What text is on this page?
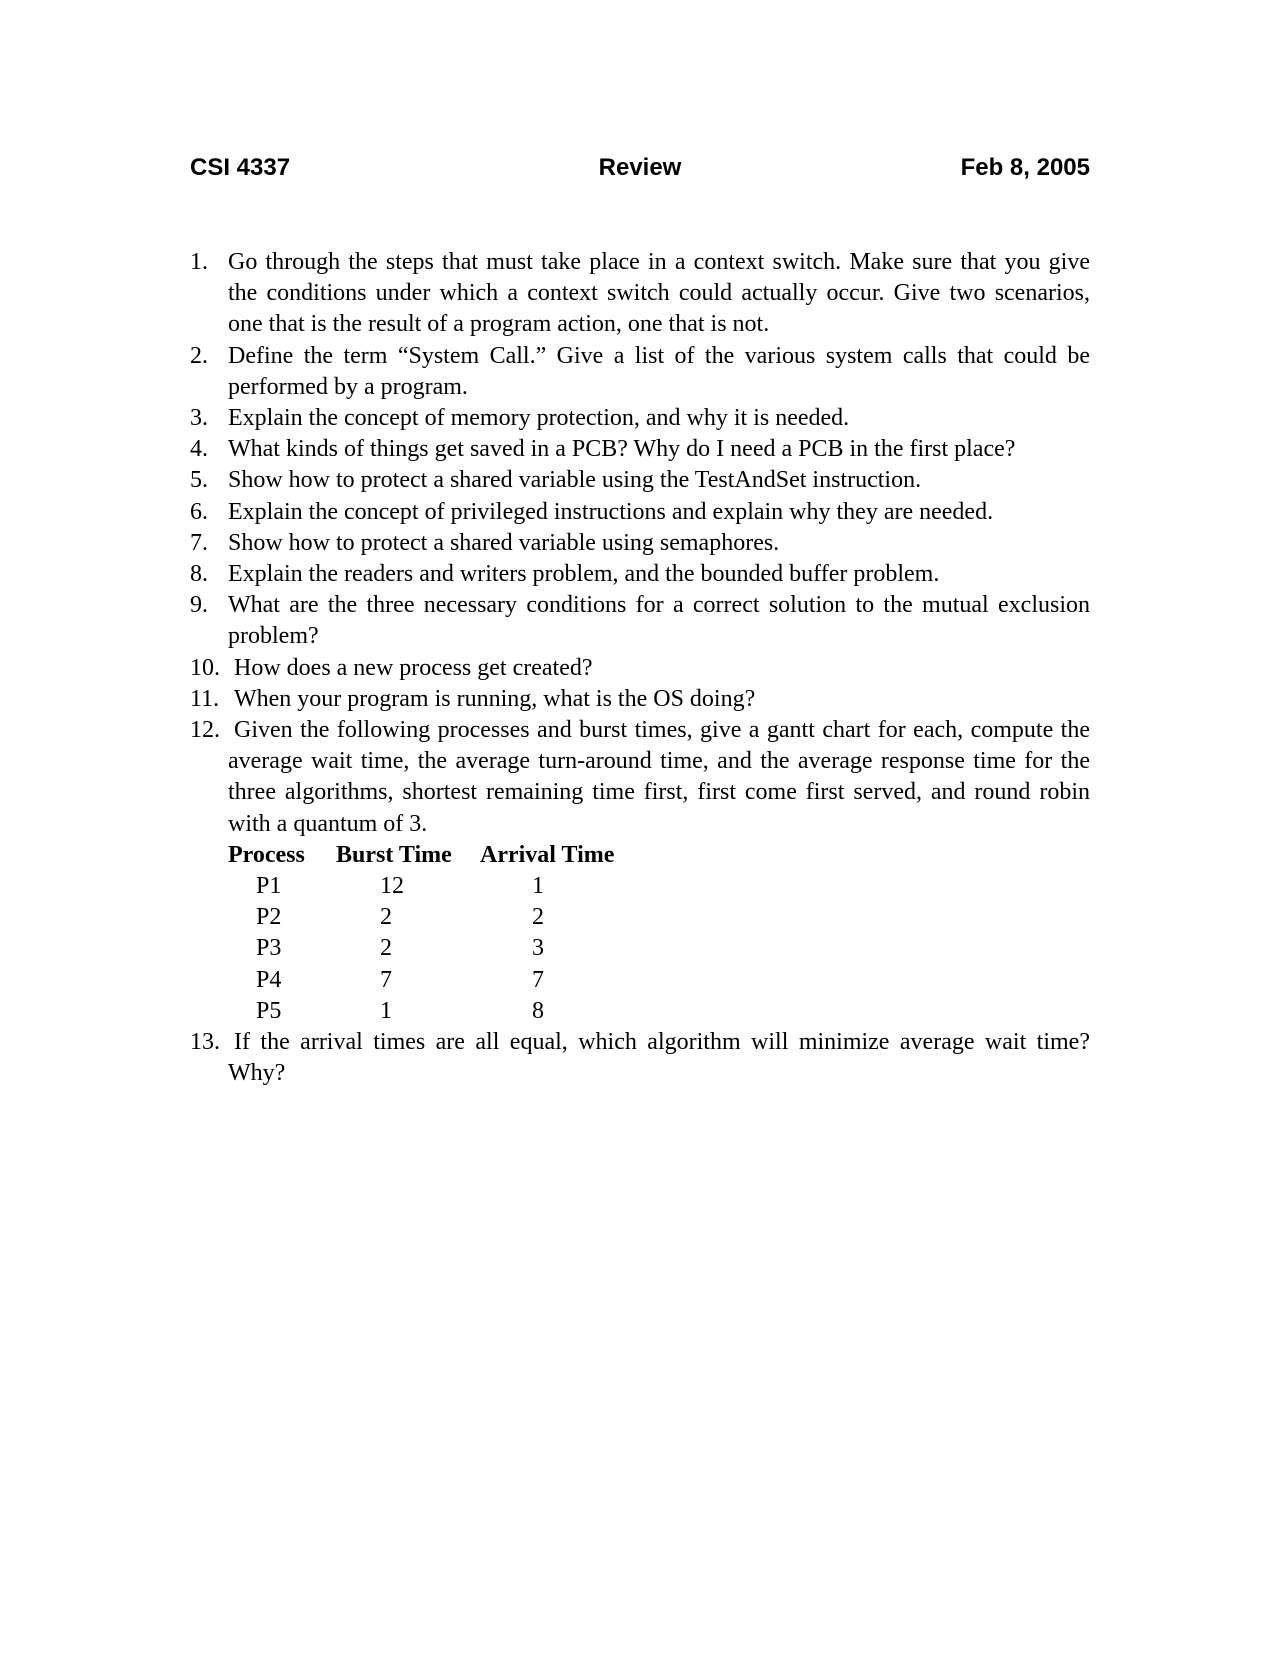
CSI 4337	Review	Feb 8, 2005
1. Go through the steps that must take place in a context switch. Make sure that you give the conditions under which a context switch could actually occur. Give two scenarios, one that is the result of a program action, one that is not.
2. Define the term “System Call.” Give a list of the various system calls that could be performed by a program.
3. Explain the concept of memory protection, and why it is needed.
4. What kinds of things get saved in a PCB? Why do I need a PCB in the first place?
5. Show how to protect a shared variable using the TestAndSet instruction.
6. Explain the concept of privileged instructions and explain why they are needed.
7. Show how to protect a shared variable using semaphores.
8. Explain the readers and writers problem, and the bounded buffer problem.
9. What are the three necessary conditions for a correct solution to the mutual exclusion problem?
10. How does a new process get created?
11. When your program is running, what is the OS doing?
12. Given the following processes and burst times, give a gantt chart for each, compute the average wait time, the average turn-around time, and the average response time for the three algorithms, shortest remaining time first, first come first served, and round robin with a quantum of 3.
Process	Burst Time	Arrival Time
P1	12	1
P2	2	2
P3	2	3
P4	7	7
P5	1	8
13. If the arrival times are all equal, which algorithm will minimize average wait time? Why?
